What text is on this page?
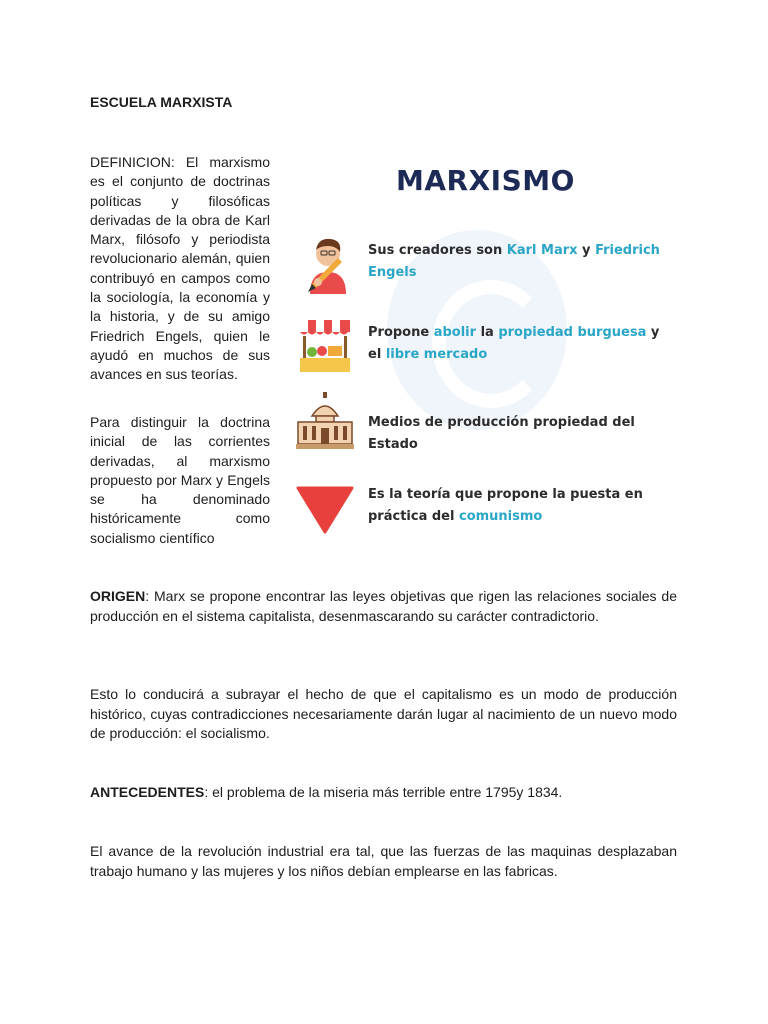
ESCUELA MARXISTA

DEFINICION: El marxismo es el conjunto de doctrinas políticas y filosóficas derivadas de la obra de Karl Marx, filósofo y periodista revolucionario alemán, quien contribuyó en campos como la sociología, la economía y la historia, y de su amigo Friedrich Engels, quien le ayudó en muchos de sus avances en sus teorías.

Para distinguir la doctrina inicial de las corrientes derivadas, al marxismo propuesto por Marx y Engels se ha denominado históricamente como socialismo científico

MARXISMO
Sus creadores son Karl Marx y Friedrich Engels
Propone abolir la propiedad burguesa y el libre mercado
Medios de producción propiedad del Estado
Es la teoría que propone la puesta en práctica del comunismo

ORIGEN: Marx se propone encontrar las leyes objetivas que rigen las relaciones sociales de producción en el sistema capitalista, desenmascarando su carácter contradictorio.

Esto lo conducirá a subrayar el hecho de que el capitalismo es un modo de producción histórico, cuyas contradicciones necesariamente darán lugar al nacimiento de un nuevo modo de producción: el socialismo.

ANTECEDENTES: el problema de la miseria más terrible entre 1795y 1834.

El avance de la revolución industrial era tal, que las fuerzas de las maquinas desplazaban trabajo humano y las mujeres y los niños debían emplearse en las fabricas.
